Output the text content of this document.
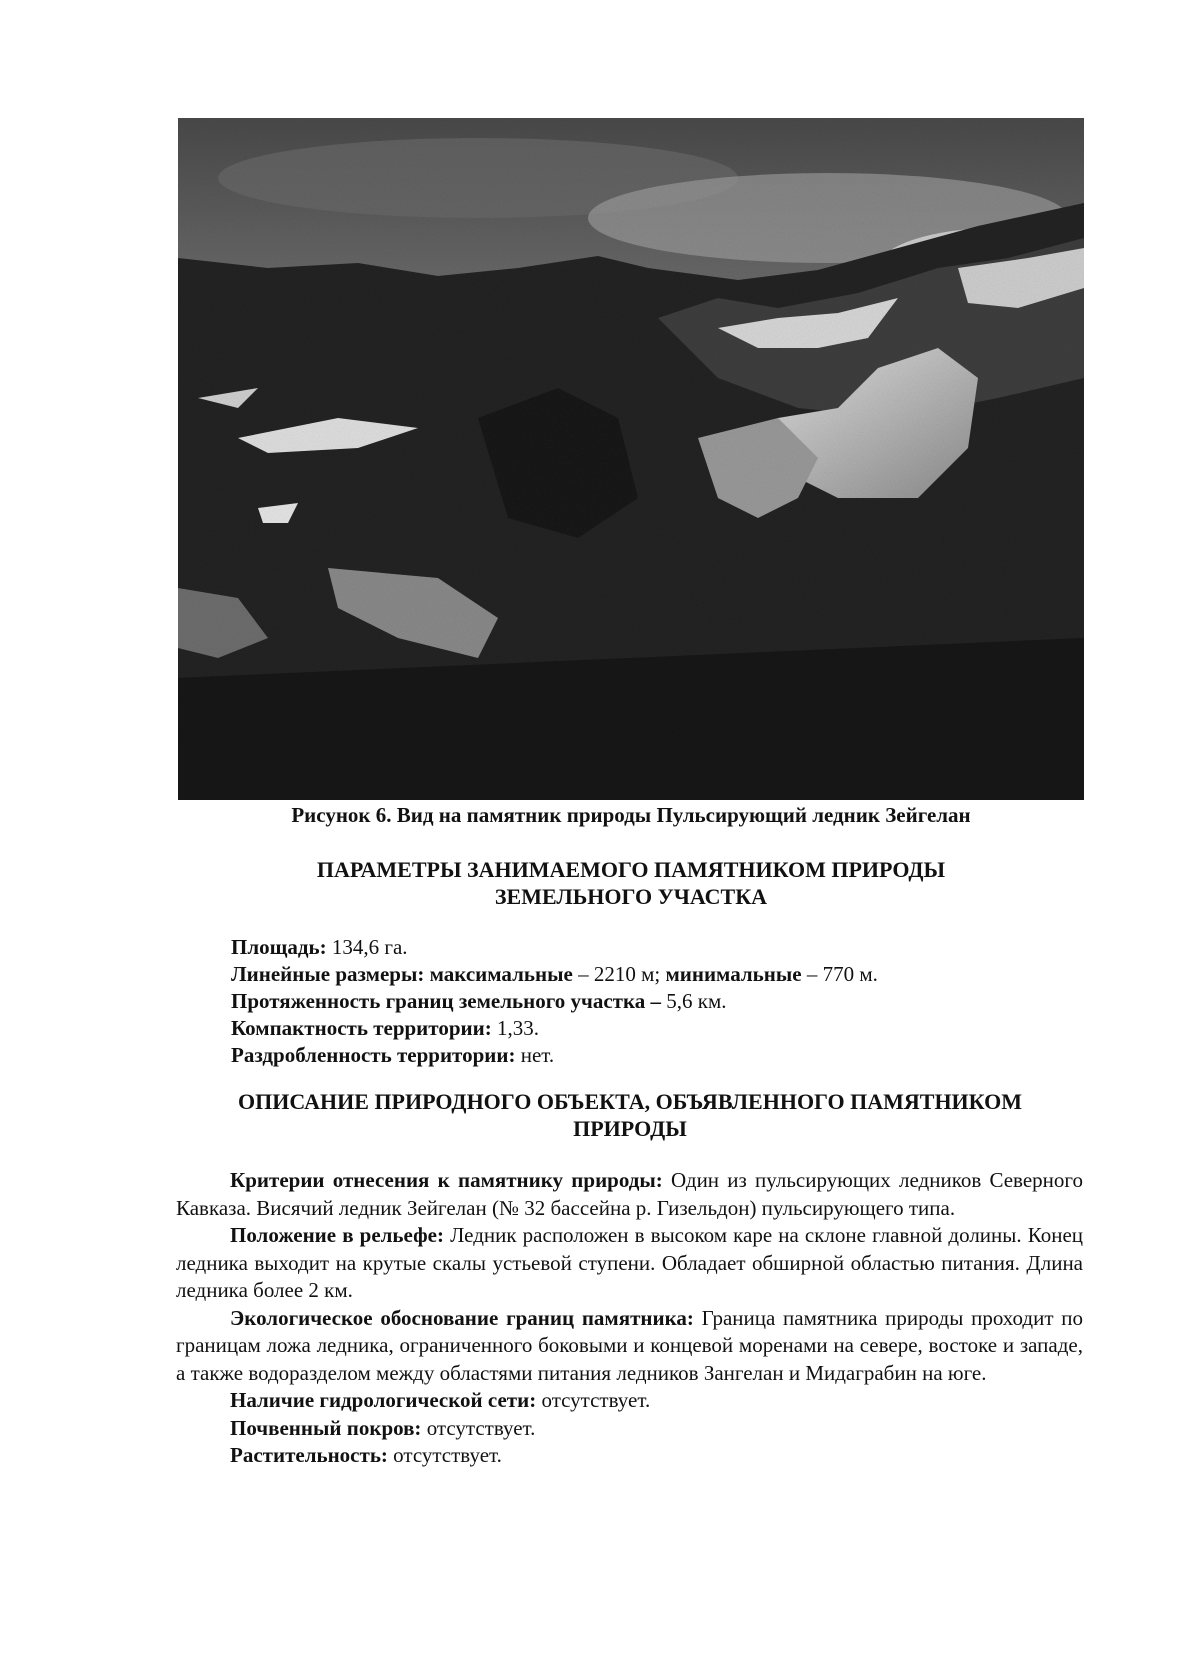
Рисунок 6. Вид на памятник природы Пульсирующий ледник Зейгелан
ПАРАМЕТРЫ ЗАНИМАЕМОГО ПАМЯТНИКОМ ПРИРОДЫ
ЗЕМЕЛЬНОГО УЧАСТКА
Площадь: 134,6 га.
Линейные размеры: максимальные – 2210 м; минимальные – 770 м.
Протяженность границ земельного участка – 5,6 км.
Компактность территории: 1,33.
Раздробленность территории: нет.
ОПИСАНИЕ ПРИРОДНОГО ОБЪЕКТА, ОБЪЯВЛЕННОГО ПАМЯТНИКОМ
ПРИРОДЫ

Критерии отнесения к памятнику природы: Один из пульсирующих ледников Северного Кавказа. Висячий ледник Зейгелан (№ 32 бассейна р. Гизельдон) пульсирующего типа.

Положение в рельефе: Ледник расположен в высоком каре на склоне главной долины. Конец ледника выходит на крутые скалы устьевой ступени. Обладает обширной областью питания. Длина ледника более 2 км.

Экологическое обоснование границ памятника: Граница памятника природы проходит по границам ложа ледника, ограниченного боковыми и концевой моренами на севере, востоке и западе, а также водоразделом между областями питания ледников Зангелан и Мидаграбин на юге.

Наличие гидрологической сети: отсутствует.

Почвенный покров: отсутствует.

Растительность: отсутствует.
